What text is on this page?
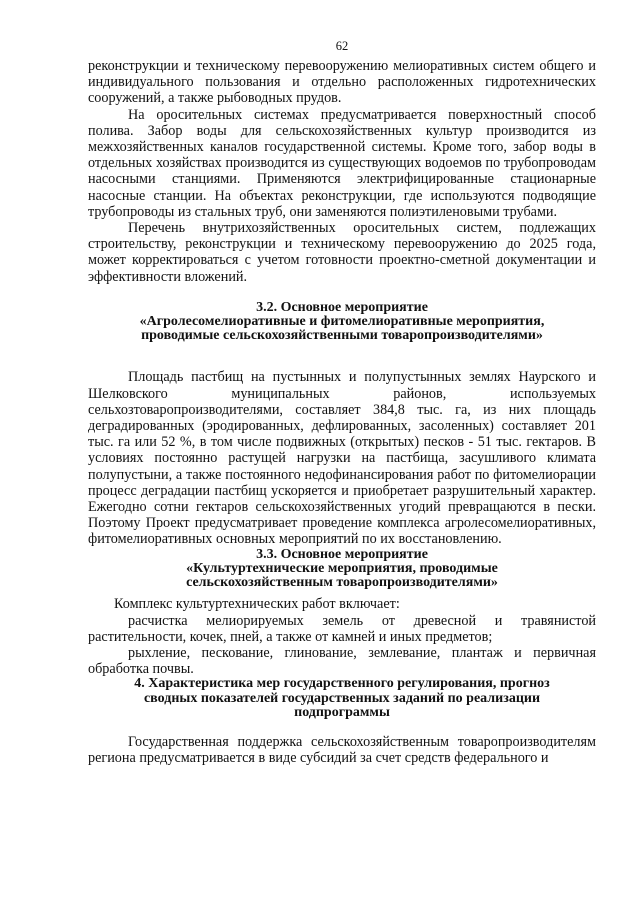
62

реконструкции и техническому перевооружению мелиоративных систем общего и индивидуального пользования и отдельно расположенных гидротехнических сооружений, а также рыбоводных прудов.

На оросительных системах предусматривается поверхностный способ полива. Забор воды для сельскохозяйственных культур производится из межхозяйственных каналов государственной системы. Кроме того, забор воды в отдельных хозяйствах производится из существующих водоемов по трубопроводам насосными станциями. Применяются электрифицированные стационарные насосные станции. На объектах реконструкции, где используются подводящие трубопроводы из стальных труб, они заменяются полиэтиленовыми трубами.

Перечень внутрихозяйственных оросительных систем, подлежащих строительству, реконструкции и техническому перевооружению до 2025 года, может корректироваться с учетом готовности проектно-сметной документации и эффективности вложений.

3.2. Основное мероприятие

«Агролесомелиоративные и фитомелиоративные мероприятия,

проводимые сельскохозяйственными товаропроизводителями»

Площадь пастбищ на пустынных и полупустынных землях Наурского и Шелковского муниципальных районов, используемых сельхозтоваропроизводителями, составляет 384,8 тыс. га, из них площадь деградированных (эродированных, дефлированных, засоленных) составляет 201 тыс. га или 52 %, в том числе подвижных (открытых) песков - 51 тыс. гектаров. В условиях постоянно растущей нагрузки на пастбища, засушливого климата полупустыни, а также постоянного недофинансирования работ по фитомелиорации процесс деградации пастбищ ускоряется и приобретает разрушительный характер. Ежегодно сотни гектаров сельскохозяйственных угодий превращаются в пески. Поэтому Проект предусматривает проведение комплекса агролесомелиоративных, фитомелиоративных основных мероприятий по их восстановлению.

3.3. Основное мероприятие

«Культуртехнические мероприятия, проводимые

сельскохозяйственным товаропроизводителями»

Комплекс культуртехнических работ включает:

расчистка мелиорируемых земель от древесной и травянистой растительности, кочек, пней, а также от камней и иных предметов;

рыхление, пескование, глинование, землевание, плантаж и первичная обработка почвы.

4. Характеристика мер государственного регулирования, прогноз

сводных показателей государственных заданий по реализации

подпрограммы

Государственная поддержка сельскохозяйственным товаропроизводителям региона предусматривается в виде субсидий за счет средств федерального и
